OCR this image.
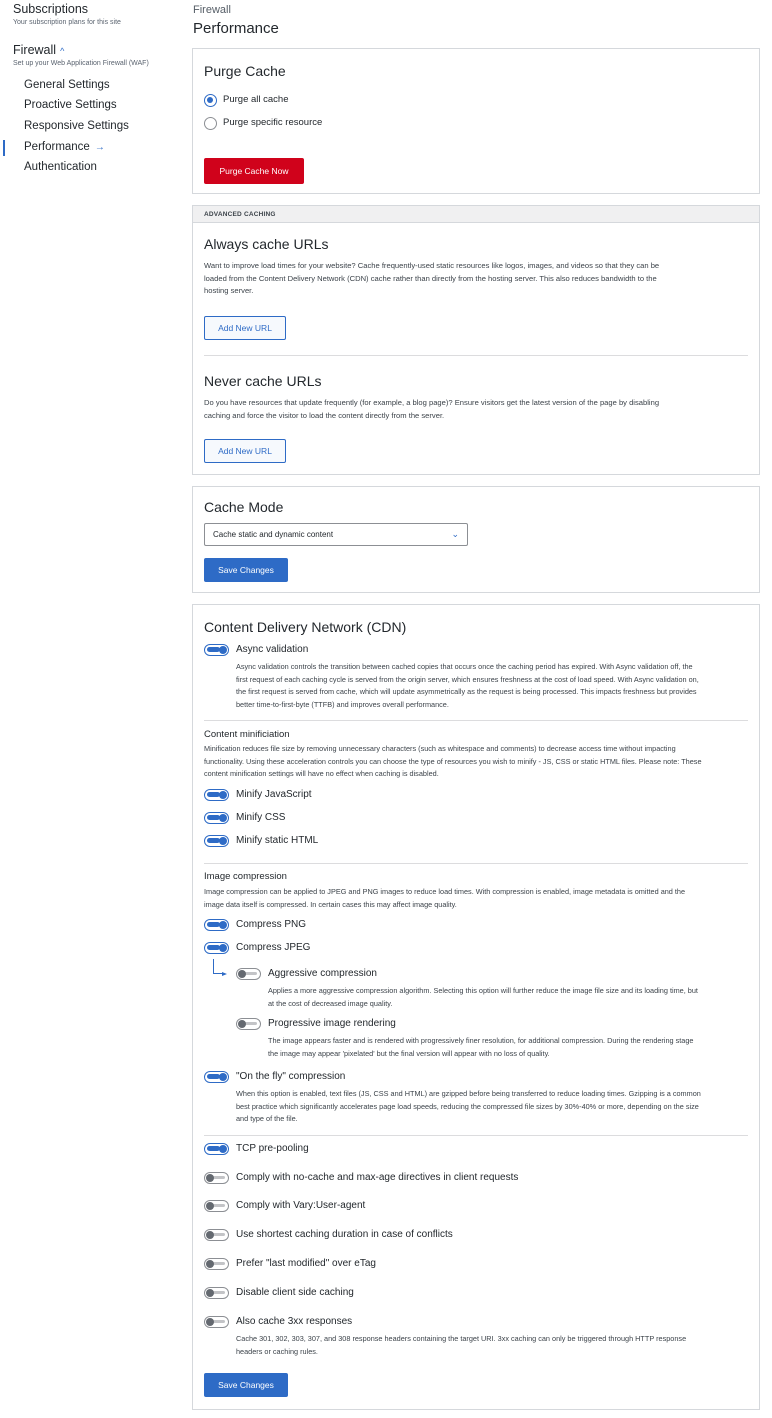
Subscriptions
Your subscription plans for this site
Firewall ^
Set up your Web Application Firewall (WAF)
General Settings
Proactive Settings
Responsive Settings
Performance →
Authentication
Firewall
Performance
Purge Cache
Purge all cache
Purge specific resource
Purge Cache Now
ADVANCED CACHING
Always cache URLs
Want to improve load times for your website? Cache frequently-used static resources like logos, images, and videos so that they can be
loaded from the Content Delivery Network (CDN) cache rather than directly from the hosting server. This also reduces bandwidth to the
hosting server.
Add New URL
Never cache URLs
Do you have resources that update frequently (for example, a blog page)? Ensure visitors get the latest version of the page by disabling
caching and force the visitor to load the content directly from the server.
Add New URL
Cache Mode
Cache static and dynamic content	⌄
Save Changes
Content Delivery Network (CDN)
Async validation
Async validation controls the transition between cached copies that occurs once the caching period has expired. With Async validation off, the
first request of each caching cycle is served from the origin server, which ensures freshness at the cost of load speed. With Async validation on,
the first request is served from cache, which will update asymmetrically as the request is being processed. This impacts freshness but provides
better time-to-first-byte (TTFB) and improves overall performance.
Content minificiation
Minification reduces file size by removing unnecessary characters (such as whitespace and comments) to decrease access time without impacting
functionality. Using these acceleration controls you can choose the type of resources you wish to minify - JS, CSS or static HTML files. Please note: These
content minification settings will have no effect when caching is disabled.
Minify JavaScript
Minify CSS
Minify static HTML
Image compression
Image compression can be applied to JPEG and PNG images to reduce load times. With compression is enabled, image metadata is omitted and the
image data itself is compressed. In certain cases this may affect image quality.
Compress PNG
Compress JPEG
Aggressive compression
Applies a more aggressive compression algorithm. Selecting this option will further reduce the image file size and its loading time, but
at the cost of decreased image quality.
Progressive image rendering
The image appears faster and is rendered with progressively finer resolution, for additional compression. During the rendering stage
the image may appear 'pixelated' but the final version will appear with no loss of quality.
"On the fly" compression
When this option is enabled, text files (JS, CSS and HTML) are gzipped before being transferred to reduce loading times. Gzipping is a common
best practice which significantly accelerates page load speeds, reducing the compressed file sizes by 30%-40% or more, depending on the size
and type of the file.
TCP pre-pooling
Comply with no-cache and max-age directives in client requests
Comply with Vary:User-agent
Use shortest caching duration in case of conflicts
Prefer "last modified" over eTag
Disable client side caching
Also cache 3xx responses
Cache 301, 302, 303, 307, and 308 response headers containing the target URI. 3xx caching can only be triggered through HTTP response
headers or caching rules.
Save Changes
